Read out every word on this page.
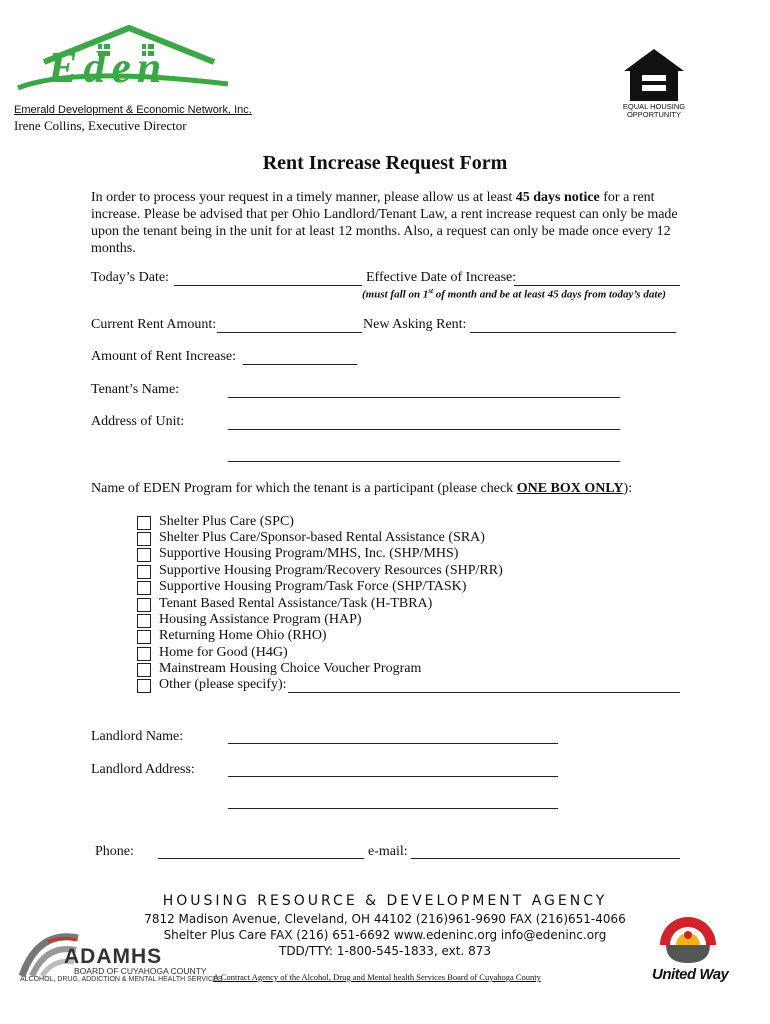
Eden
Emerald Development & Economic Network, Inc.
Irene Collins, Executive Director
EQUAL HOUSING
OPPORTUNITY
Rent Increase Request Form
In order to process your request in a timely manner, please allow us at least 45 days notice for a rent increase. Please be advised that per Ohio Landlord/Tenant Law, a rent increase request can only be made upon the tenant being in the unit for at least 12 months. Also, a request can only be made once every 12 months.
Today’s Date:	Effective Date of Increase:
(must fall on 1st of month and be at least 45 days from today’s date)
Current Rent Amount:	New Asking Rent:
Amount of Rent Increase:
Tenant’s Name:
Address of Unit:
Name of EDEN Program for which the tenant is a participant (please check ONE BOX ONLY):
Shelter Plus Care (SPC)
Shelter Plus Care/Sponsor-based Rental Assistance (SRA)
Supportive Housing Program/MHS, Inc. (SHP/MHS)
Supportive Housing Program/Recovery Resources (SHP/RR)
Supportive Housing Program/Task Force (SHP/TASK)
Tenant Based Rental Assistance/Task (H-TBRA)
Housing Assistance Program (HAP)
Returning Home Ohio (RHO)
Home for Good (H4G)
Mainstream Housing Choice Voucher Program
Other (please specify):
Landlord Name:
Landlord Address:
Phone:	e-mail:
HOUSING RESOURCE & DEVELOPMENT AGENCY
7812 Madison Avenue, Cleveland, OH 44102 (216)961-9690 FAX (216)651-4066
Shelter Plus Care FAX (216) 651-6692 www.edeninc.org info@edeninc.org
TDD/TTY: 1-800-545-1833, ext. 873
ADAMHS
BOARD OF CUYAHOGA COUNTY
ALCOHOL, DRUG, ADDICTION & MENTAL HEALTH SERVICES
A Contract Agency of the Alcohol, Drug and Mental health Services Board of Cuyahoga County	United Way
